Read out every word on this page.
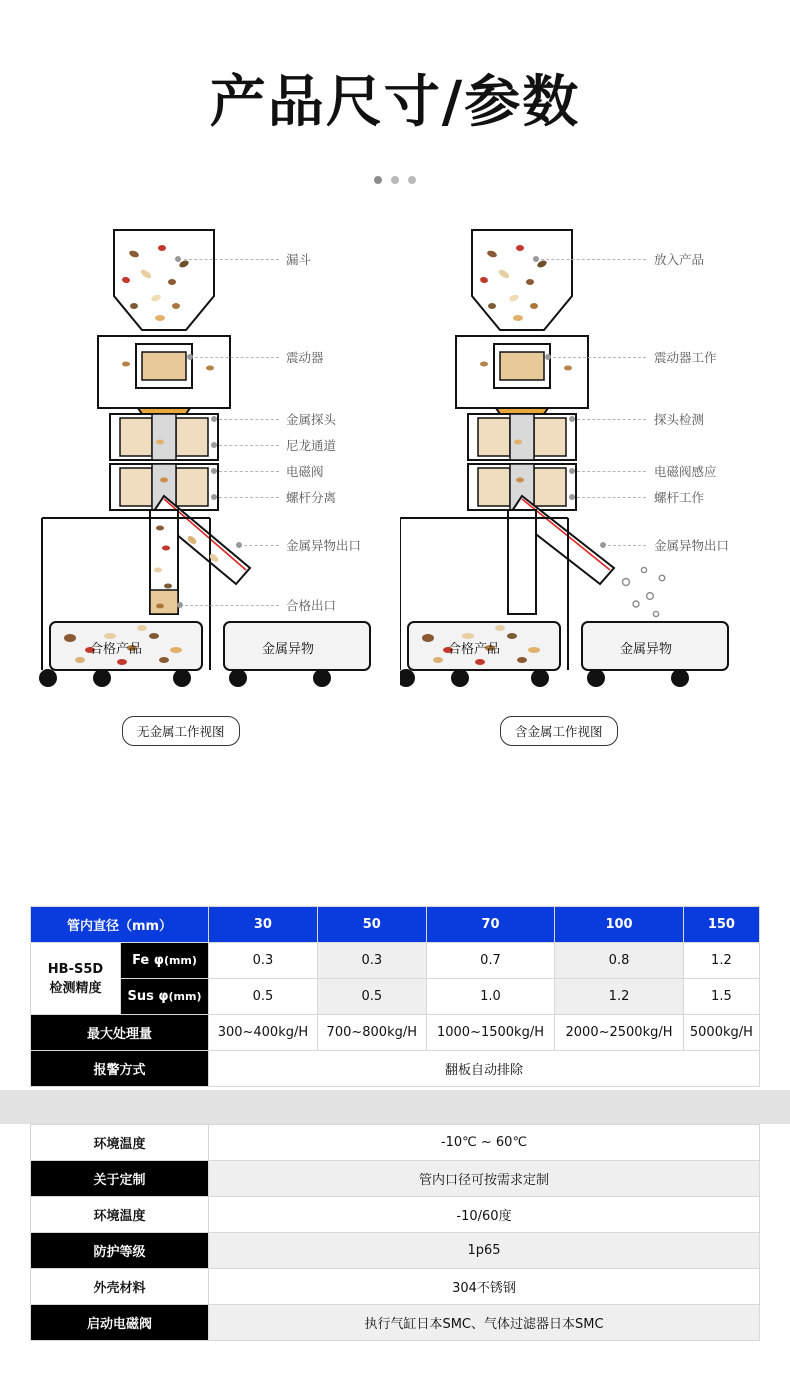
产品尺寸/参数
漏斗
震动器
金属探头
尼龙通道
电磁阀
螺杆分离
金属异物出口
合格出口
合格产品	金属异物
无金属工作视图
放入产品
震动器工作
探头检测
电磁阀感应
螺杆工作
金属异物出口
合格产品	金属异物
含金属工作视图
管内直径（mm）		30	50	70	100	150

HB-S5D
检测精度	Fe φ(mm)	0.3	0.3	0.7	0.8	1.2
	Sus φ(mm)	0.5	0.5	1.0	1.2	1.5
最大处理量		300~400kg/H	700~800kg/H	1000~1500kg/H	2000~2500kg/H	5000kg/H
报警方式		翻板自动排除				
环境温度	-10℃ ~ 60℃
关于定制	管内口径可按需求定制
环境温度	-10/60度
防护等级	1p65
外壳材料	304不锈钢
启动电磁阀	执行气缸日本SMC、气体过滤器日本SMC
